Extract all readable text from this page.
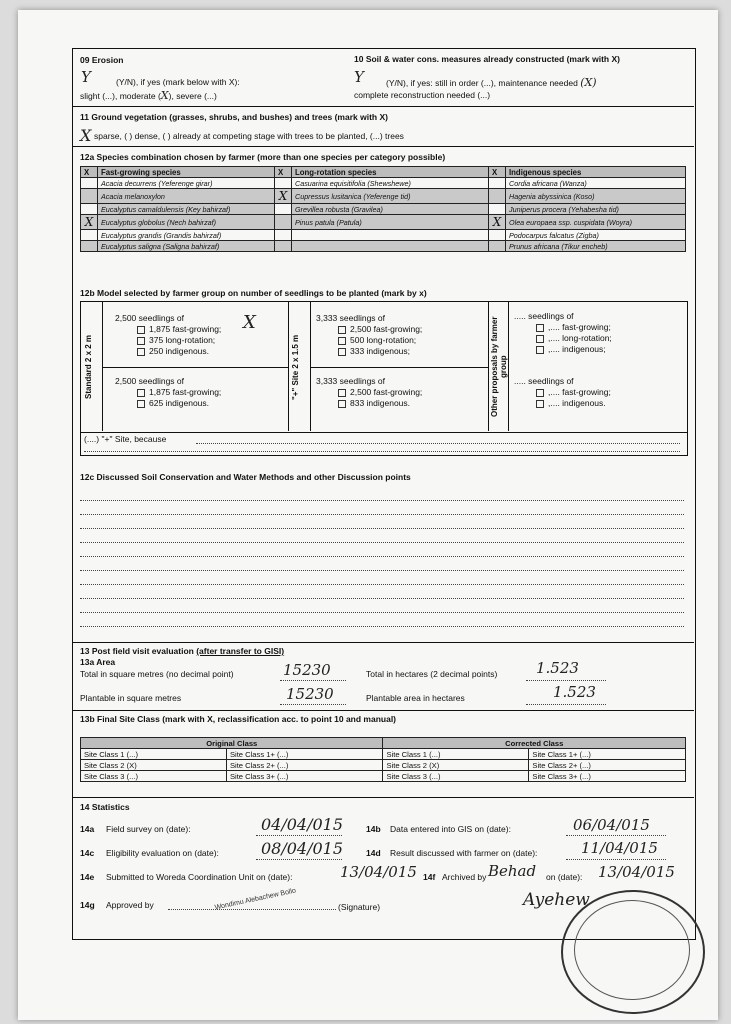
09 Erosion
Y	(Y/N), if yes (mark below with X):
slight (...), moderate (X), severe (...)
10 Soil & water cons. measures already constructed (mark with X)
Y	(Y/N), if yes: still in order (...), maintenance needed (X)
complete reconstruction needed (...)
11 Ground vegetation (grasses, shrubs, and bushes) and trees (mark with X)
X sparse, ( ) dense, ( ) already at competing stage with trees to be planted, (...) trees
12a Species combination chosen by farmer (more than one species per category possible)
X	Fast-growing species	X	Long-rotation species	X	Indigenous species
	Acacia decurrens (Yeferenge girar)		Casuarina equisitifolia (Shewshewe)		Cordia africana (Wanza)
	Acacia melanoxylon	X	Cupressus lusitanica (Yeferenge tid)		Hagenia abyssinica (Koso)
	Eucalyptus camaldulensis (Key bahirzaf)		Grevillea robusta (Gravilea)		Juniperus procera (Yehabesha tid)
X	Eucalyptus globolus (Nech bahirzaf)		Pinus patula (Patula)	X	Olea europaea ssp. cuspidata (Woyra)
	Eucalyptus grandis (Grandis bahirzaf)				Podocarpus falcatus (Zigba)
	Eucalyptus saligna (Saligna bahirzaf)				Prunus africana (Tikur encheb)
12b Model selected by farmer group on number of seedlings to be planted (mark by x)
Standard 2 x 2 m	"+" Site 2 x 1.5 m	Other proposals by farmer group
2,500 seedlings of
1,875 fast-growing;
375 long-rotation;
250 indigenous.
X
2,500 seedlings of
1,875 fast-growing;
625 indigenous.
3,333 seedlings of
2,500 fast-growing;
500 long-rotation;
333 indigenous;
3,333 seedlings of
2,500 fast-growing;
833 indigenous.
..... seedlings of
,.... fast-growing;
,.... long-rotation;
,.... indigenous;
..... seedlings of
,.... fast-growing;
,.... indigenous.
(....) "+" Site, because
12c Discussed Soil Conservation and Water Methods and other Discussion points
13 Post field visit evaluation (after transfer to GISI)
13a Area
Total in square metres (no decimal point)	15230	Total in hectares (2 decimal points)	1.523
Plantable in square metres	15230	Plantable area in hectares	1.523
13b Final Site Class (mark with X, reclassification acc. to point 10 and manual)
Original Class		Corrected Class	
Site Class 1 (...)	Site Class 1+ (...)	Site Class 1 (...)	Site Class 1+ (...)
Site Class 2 (X)	Site Class 2+ (...)	Site Class 2 (X)	Site Class 2+ (...)
Site Class 3 (...)	Site Class 3+ (...)	Site Class 3 (...)	Site Class 3+ (...)
14 Statistics
14a Field survey on (date):	04/04/015	14b Data entered into GIS on (date):	06/04/015
14c Eligibility evaluation on (date):	08/04/015	14d Result discussed with farmer on (date):	11/04/015
14e Submitted to Woreda Coordination Unit on (date):	13/04/015 14f Archived by Behad on (date): 13/04/015
14g Approved by	Wondimu Alebachew Bollo	(Signature)	Ayehew
